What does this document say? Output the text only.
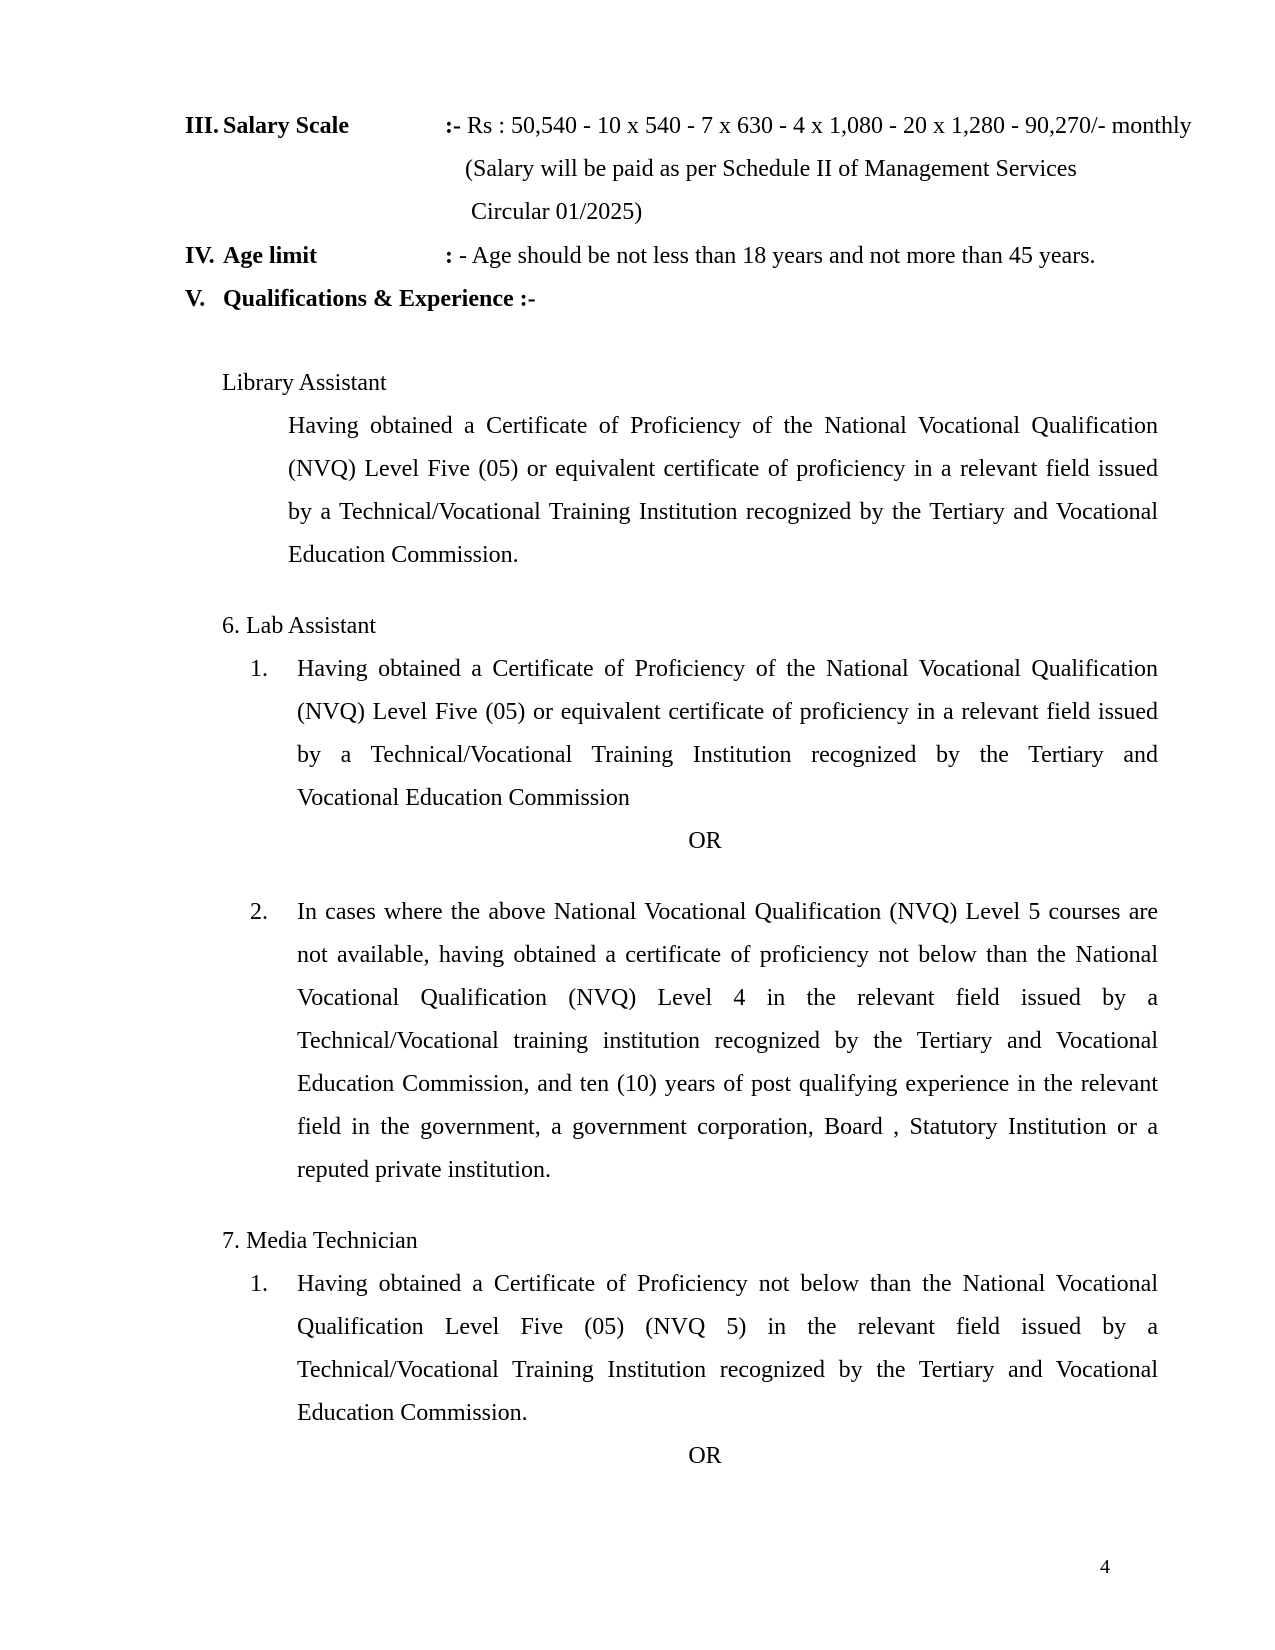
III. Salary Scale	:- Rs : 50,540 - 10 x 540 - 7 x 630 - 4 x 1,080 - 20 x 1,280 - 90,270/- monthly
(Salary will be paid as per Schedule II of Management Services
Circular 01/2025)
IV. Age limit	: - Age should be not less than 18 years and not more than 45 years.
V. Qualifications & Experience :-
Library Assistant
Having obtained a Certificate of Proficiency of the National Vocational Qualification
(NVQ) Level Five (05) or equivalent certificate of proficiency in a relevant field issued
by a Technical/Vocational Training Institution recognized by the Tertiary and Vocational
Education Commission.
6. Lab Assistant
1. Having obtained a Certificate of Proficiency of the National Vocational Qualification
(NVQ) Level Five (05) or equivalent certificate of proficiency in a relevant field issued
by a Technical/Vocational Training Institution recognized by the Tertiary and
Vocational Education Commission
OR
2. In cases where the above National Vocational Qualification (NVQ) Level 5 courses are
not available, having obtained a certificate of proficiency not below than the National
Vocational Qualification (NVQ) Level 4 in the relevant field issued by a
Technical/Vocational training institution recognized by the Tertiary and Vocational
Education Commission, and ten (10) years of post qualifying experience in the relevant
field in the government, a government corporation, Board , Statutory Institution or a
reputed private institution.
7. Media Technician
1. Having obtained a Certificate of Proficiency not below than the National Vocational
Qualification Level Five (05) (NVQ 5) in the relevant field issued by a
Technical/Vocational Training Institution recognized by the Tertiary and Vocational
Education Commission.
OR
4
